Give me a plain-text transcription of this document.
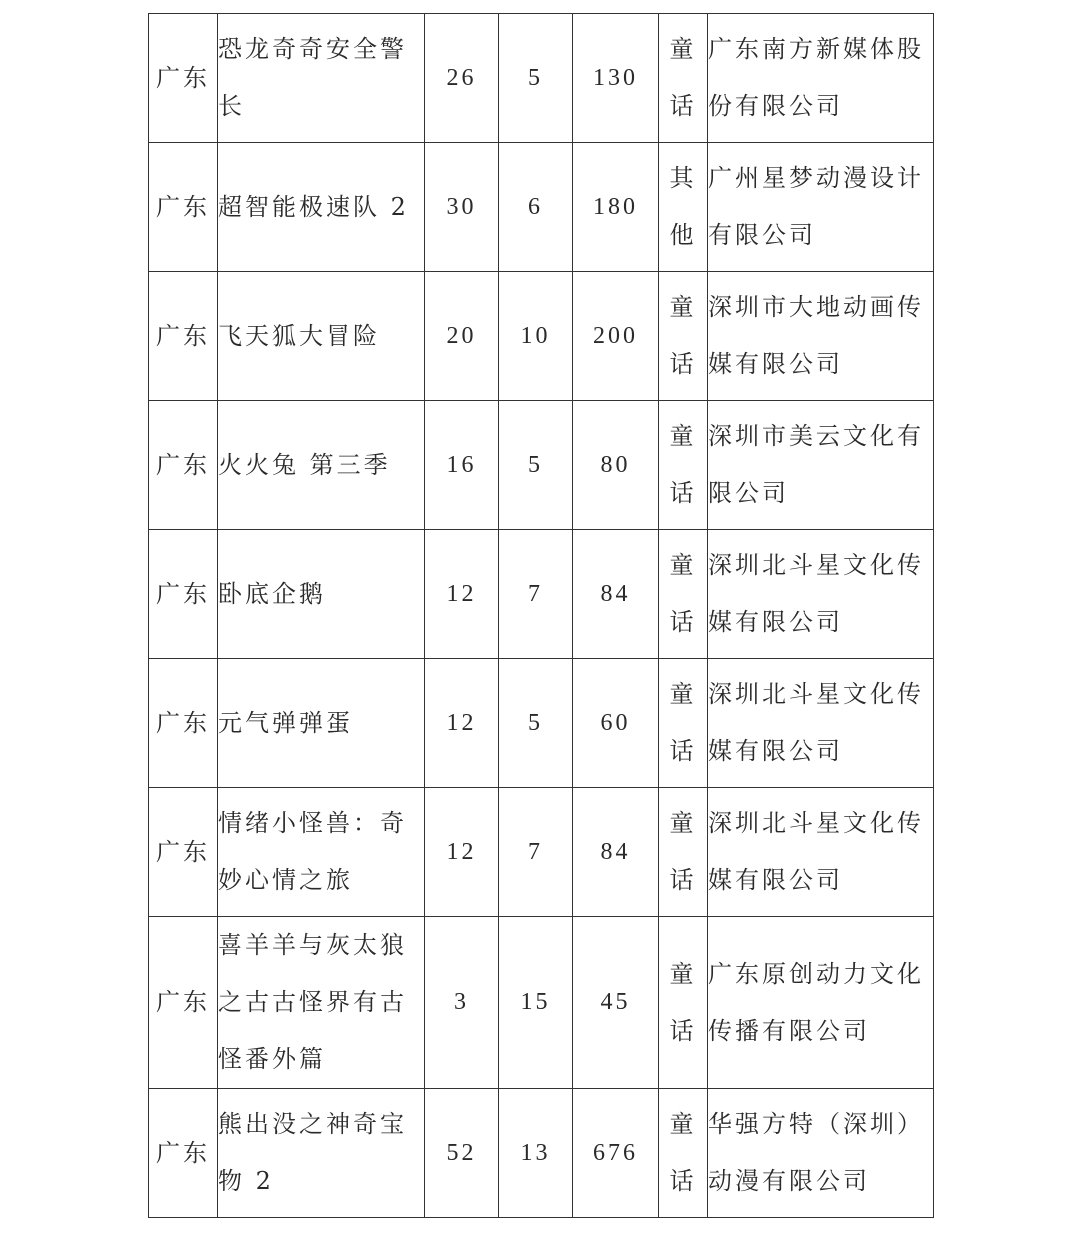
广东	恐龙奇奇安全警长	26	5	130	童话	广东南方新媒体股份有限公司
广东	超智能极速队 2	30	6	180	其他	广州星梦动漫设计有限公司
广东	飞天狐大冒险	20	10	200	童话	深圳市大地动画传媒有限公司
广东	火火兔 第三季	16	5	80	童话	深圳市美云文化有限公司
广东	卧底企鹅	12	7	84	童话	深圳北斗星文化传媒有限公司
广东	元气弹弹蛋	12	5	60	童话	深圳北斗星文化传媒有限公司
广东	情绪小怪兽：奇妙心情之旅	12	7	84	童话	深圳北斗星文化传媒有限公司
广东	喜羊羊与灰太狼之古古怪界有古怪番外篇	3	15	45	童话	广东原创动力文化传播有限公司
广东	熊出没之神奇宝物 2	52	13	676	童话	华强方特（深圳）动漫有限公司
